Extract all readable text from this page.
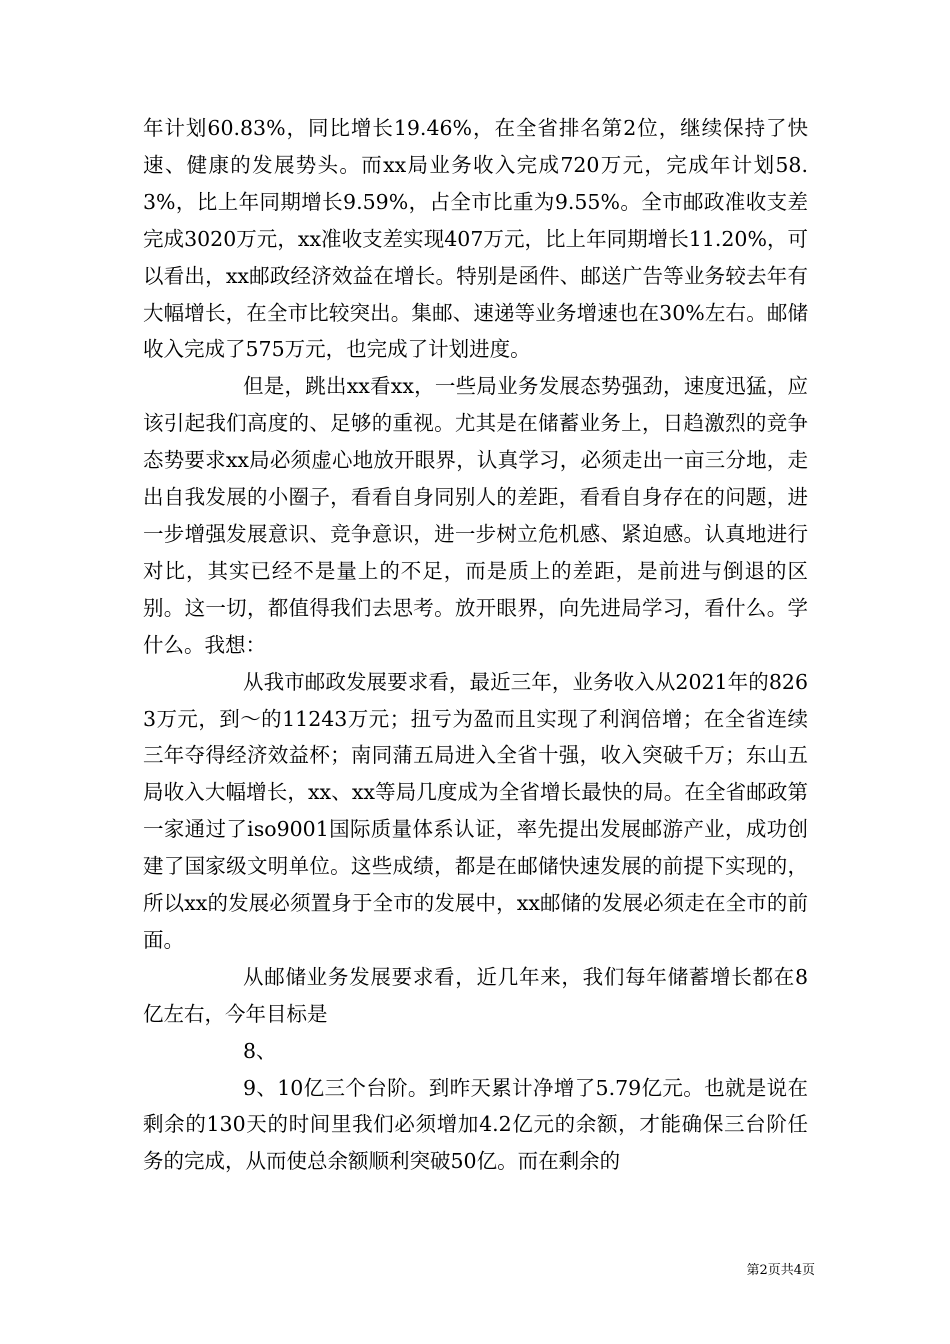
年计划60.83%，同比增长19.46%，在全省排名第2位，继续保持了快速、健康的发展势头。而xx局业务收入完成720万元，完成年计划58.3%，比上年同期增长9.59%，占全市比重为9.55%。全市邮政准收支差完成3020万元，xx准收支差实现407万元，比上年同期增长11.20%，可以看出，xx邮政经济效益在增长。特别是函件、邮送广告等业务较去年有大幅增长，在全市比较突出。集邮、速递等业务增速也在30%左右。邮储收入完成了575万元，也完成了计划进度。

但是，跳出xx看xx，一些局业务发展态势强劲，速度迅猛，应该引起我们高度的、足够的重视。尤其是在储蓄业务上，日趋激烈的竞争态势要求xx局必须虚心地放开眼界，认真学习，必须走出一亩三分地，走出自我发展的小圈子，看看自身同别人的差距，看看自身存在的问题，进一步增强发展意识、竞争意识，进一步树立危机感、紧迫感。认真地进行对比，其实已经不是量上的不足，而是质上的差距，是前进与倒退的区别。这一切，都值得我们去思考。放开眼界，向先进局学习，看什么。学什么。我想：

从我市邮政发展要求看，最近三年，业务收入从2021年的8263万元，到～的11243万元；扭亏为盈而且实现了利润倍增；在全省连续三年夺得经济效益杯；南同蒲五局进入全省十强，收入突破千万；东山五局收入大幅增长，xx、xx等局几度成为全省增长最快的局。在全省邮政第一家通过了iso9001国际质量体系认证，率先提出发展邮游产业，成功创建了国家级文明单位。这些成绩，都是在邮储快速发展的前提下实现的，所以xx的发展必须置身于全市的发展中，xx邮储的发展必须走在全市的前面。

从邮储业务发展要求看，近几年来，我们每年储蓄增长都在8亿左右，今年目标是

8、

9、10亿三个台阶。到昨天累计净增了5.79亿元。也就是说在剩余的130天的时间里我们必须增加4.2亿元的余额，才能确保三台阶任务的完成，从而使总余额顺利突破50亿。而在剩余的

第2页共4页
